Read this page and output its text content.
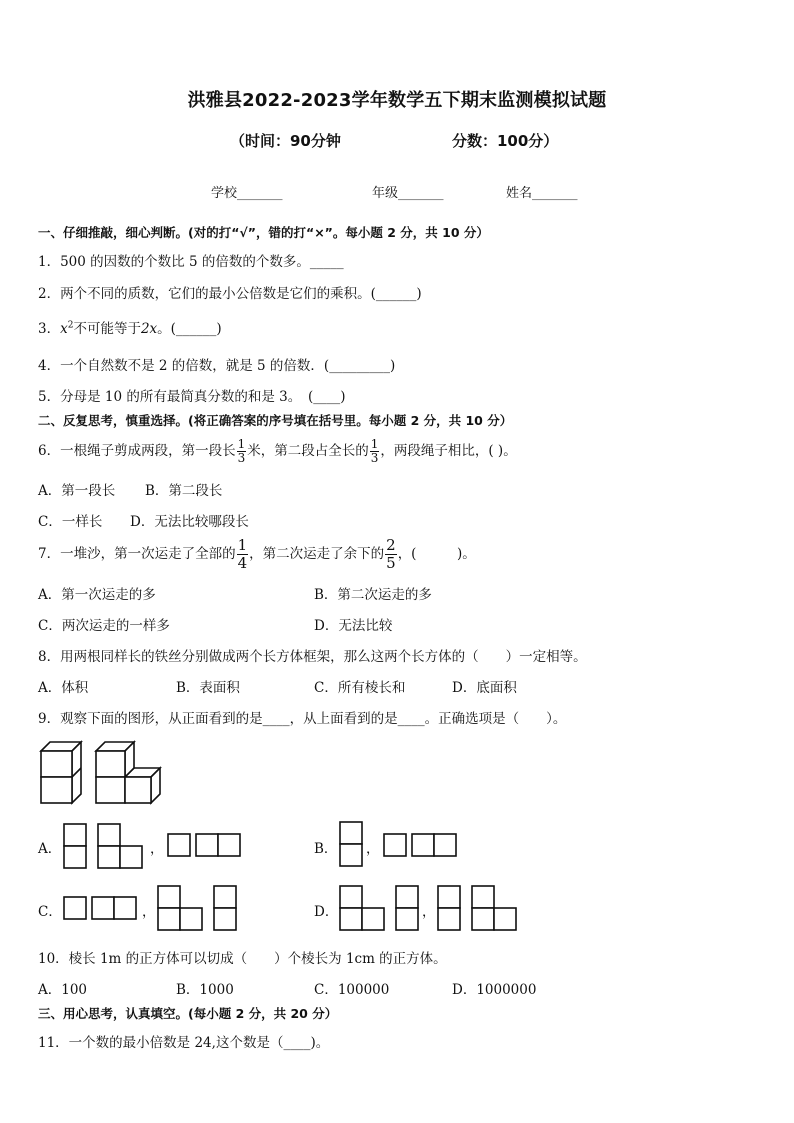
洪雅县2022-2023学年数学五下期末监测模拟试题
（时间：90分钟	分数：100分）
学校_______	年级_______	姓名_______
一、仔细推敲，细心判断。(对的打“√”，错的打“×”。每小题 2 分，共 10 分）
1．500 的因数的个数比 5 的倍数的个数多。_____
2．两个不同的质数，它们的最小公倍数是它们的乘积。(______)
3．$x^2$不可能等于2x。(______)
4．一个自然数不是 2 的倍数，就是 5 的倍数．(_________)
5．分母是 10 的所有最简真分数的和是 3。　(____)
二、反复思考，慎重选择。(将正确答案的序号填在括号里。每小题 2 分，共 10 分）
6．一根绳子剪成两段，第一段长 $\frac{1}{3}$ 米，第二段占全长的 $\frac{1}{3}$ ，两段绳子相比，( )。
A．第一段长 B．第二段长
C．一样长 D．无法比较哪段长
7．一堆沙，第一次运走了全部的 $\frac{1}{4}$ ，第二次运走了余下的 $\frac{2}{5}$ ，(　　　)。
A．第一次运走的多	B．第二次运走的多
C．两次运走的一样多	D．无法比较
8．用两根同样长的铁丝分别做成两个长方体框架，那么这两个长方体的（　　）一定相等。
A．体积	B．表面积	C．所有棱长和	D．底面积
9．观察下面的图形，从正面看到的是____，从上面看到的是____。正确选项是（　　）。
A．	，	B． ，
C．	，	D．	，
10．棱长 1m 的正方体可以切成（　　）个棱长为 1cm 的正方体。
A．100	B．1000	C．100000	D．1000000
三、用心思考，认真填空。(每小题 2 分，共 20 分）
11．一个数的最小倍数是 24,这个数是（____)。
